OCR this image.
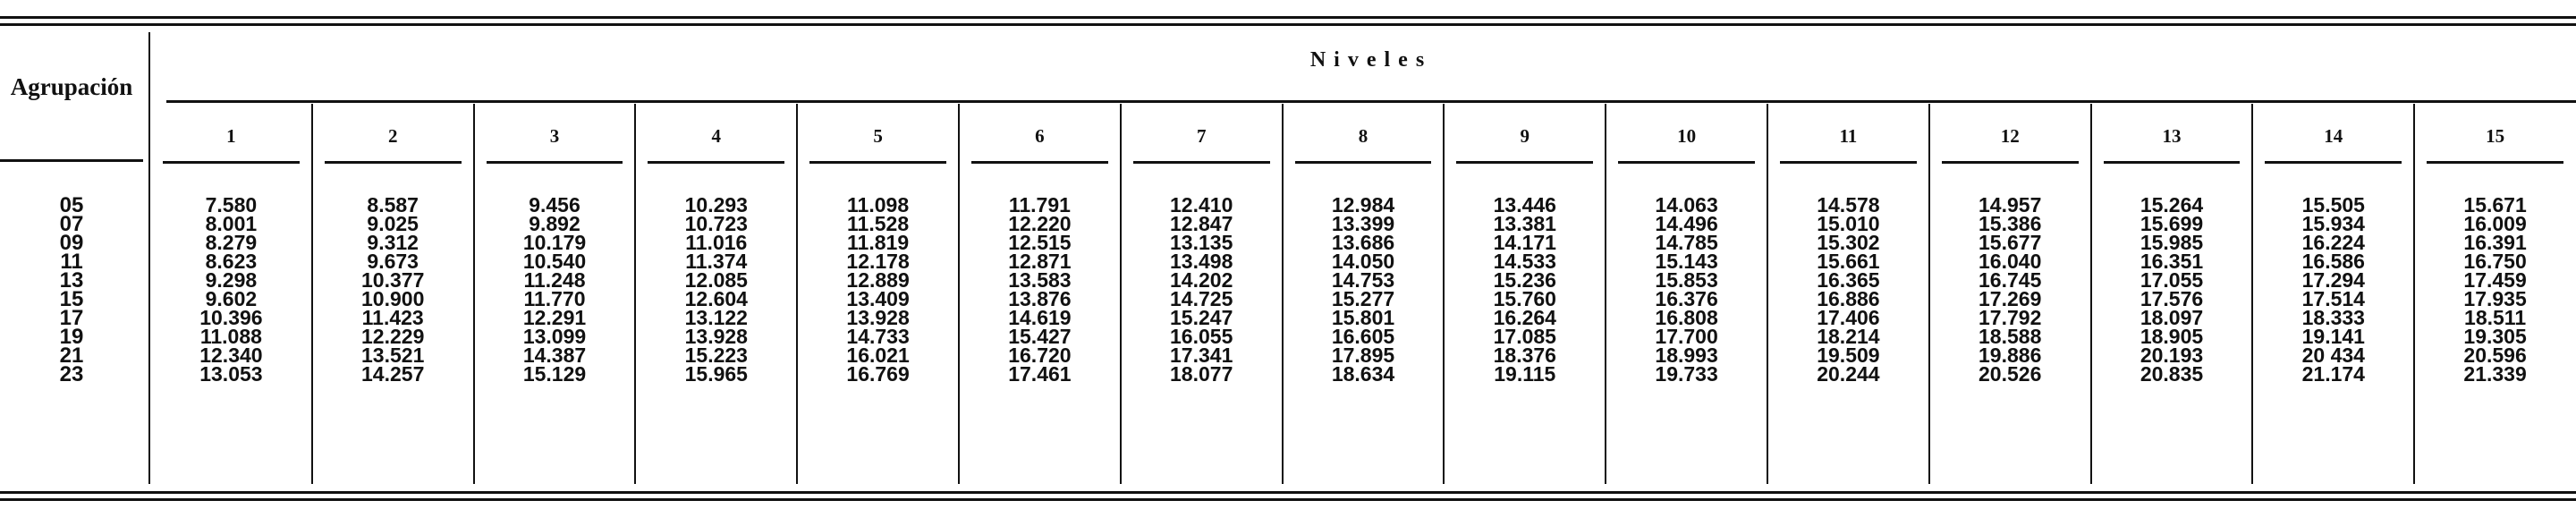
Agrupación
Niveles
1
7.580
8.001
8.279
8.623
9.298
9.602
10.396
11.088
12.340
13.053
2
8.587
9.025
9.312
9.673
10.377
10.900
11.423
12.229
13.521
14.257
3
9.456
9.892
10.179
10.540
11.248
11.770
12.291
13.099
14.387
15.129
4
10.293
10.723
11.016
11.374
12.085
12.604
13.122
13.928
15.223
15.965
5
11.098
11.528
11.819
12.178
12.889
13.409
13.928
14.733
16.021
16.769
6
11.791
12.220
12.515
12.871
13.583
13.876
14.619
15.427
16.720
17.461
7
12.410
12.847
13.135
13.498
14.202
14.725
15.247
16.055
17.341
18.077
8
12.984
13.399
13.686
14.050
14.753
15.277
15.801
16.605
17.895
18.634
9
13.446
13.381
14.171
14.533
15.236
15.760
16.264
17.085
18.376
19.115
10
14.063
14.496
14.785
15.143
15.853
16.376
16.808
17.700
18.993
19.733
11
14.578
15.010
15.302
15.661
16.365
16.886
17.406
18.214
19.509
20.244
12
14.957
15.386
15.677
16.040
16.745
17.269
17.792
18.588
19.886
20.526
13
15.264
15.699
15.985
16.351
17.055
17.576
18.097
18.905
20.193
20.835
14
15.505
15.934
16.224
16.586
17.294
17.514
18.333
19.141
20 434
21.174
15
15.671
16.009
16.391
16.750
17.459
17.935
18.511
19.305
20.596
21.339
05
07
09
11
13
15
17
19
21
23
